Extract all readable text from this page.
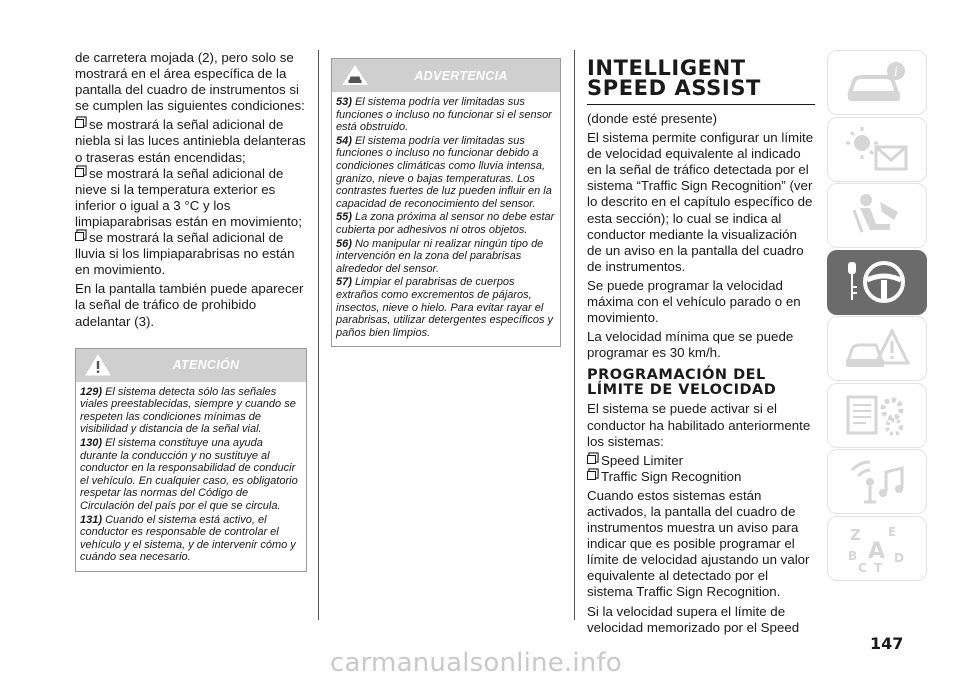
de carretera mojada (2), pero solo se mostrará en el área específica de la pantalla del cuadro de instrumentos si se cumplen las siguientes condiciones:

se mostrará la señal adicional de niebla si las luces antiniebla delanteras o traseras están encendidas;

se mostrará la señal adicional de nieve si la temperatura exterior es inferior o igual a 3 °C y los limpiaparabrisas están en movimiento;

se mostrará la señal adicional de lluvia si los limpiaparabrisas no están en movimiento.

En la pantalla también puede aparecer la señal de tráfico de prohibido adelantar (3).

ATENCIÓN

129) El sistema detecta sólo las señales viales preestablecidas, siempre y cuando se respeten las condiciones mínimas de visibilidad y distancia de la señal vial.

130) El sistema constituye una ayuda durante la conducción y no sustituye al conductor en la responsabilidad de conducir el vehículo. En cualquier caso, es obligatorio respetar las normas del Código de Circulación del país por el que se circula.

131) Cuando el sistema está activo, el conductor es responsable de controlar el vehículo y el sistema, y de intervenir cómo y cuándo sea necesario.

ADVERTENCIA

53) El sistema podría ver limitadas sus funciones o incluso no funcionar si el sensor está obstruido.

54) El sistema podría ver limitadas sus funciones o incluso no funcionar debido a condiciones climáticas como lluvia intensa, granizo, nieve o bajas temperaturas. Los contrastes fuertes de luz pueden influir en la capacidad de reconocimiento del sensor.

55) La zona próxima al sensor no debe estar cubierta por adhesivos ni otros objetos.

56) No manipular ni realizar ningún tipo de intervención en la zona del parabrisas alrededor del sensor.

57) Limpiar el parabrisas de cuerpos extraños como excrementos de pájaros, insectos, nieve o hielo. Para evitar rayar el parabrisas, utilizar detergentes específicos y paños bien limpios.

INTELLIGENT SPEED ASSIST

(donde esté presente)

El sistema permite configurar un límite de velocidad equivalente al indicado en la señal de tráfico detectada por el sistema “Traffic Sign Recognition” (ver lo descrito en el capítulo específico de esta sección); lo cual se indica al conductor mediante la visualización de un aviso en la pantalla del cuadro de instrumentos.

Se puede programar la velocidad máxima con el vehículo parado o en movimiento.

La velocidad mínima que se puede programar es 30 km/h.

PROGRAMACIÓN DEL LÍMITE DE VELOCIDAD

El sistema se puede activar si el conductor ha habilitado anteriormente los sistemas:

Speed Limiter

Traffic Sign Recognition

Cuando estos sistemas están activados, la pantalla del cuadro de instrumentos muestra un aviso para indicar que es posible programar el límite de velocidad ajustando un valor equivalente al detectado por el sistema Traffic Sign Recognition.

Si la velocidad supera el límite de velocidad memorizado por el Speed

i
Z E
B A D
C T
147
carmanualsonline.info
